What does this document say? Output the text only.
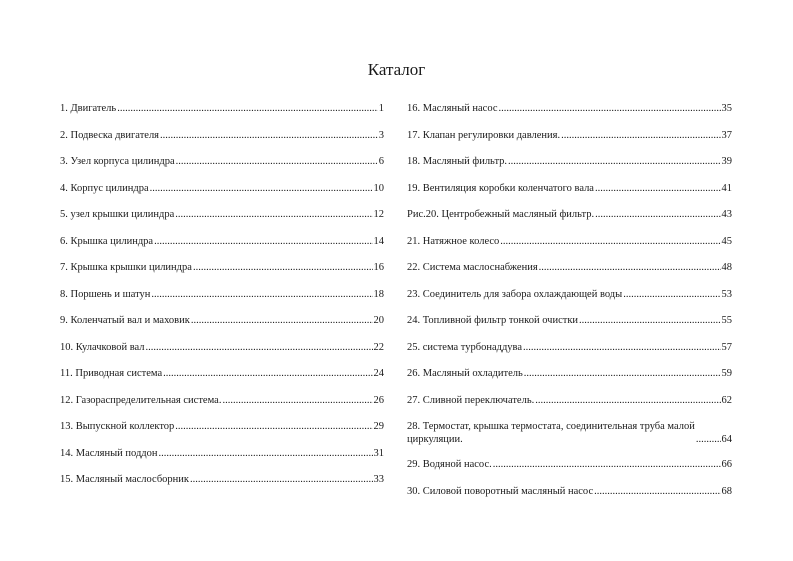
Каталог
1. Двигатель .....	1
2. Подвеска двигателя .....	3
3. Узел корпуса цилиндра .....	6
4. Корпус цилиндра .....	10
5. узел крышки цилиндра .....	12
6. Крышка цилиндра .....	14
7. Крышка крышки цилиндра .....	16
8. Поршень и шатун .....	18
9. Коленчатый вал и маховик .....	20
10. Кулачковой вал .....	22
11. Приводная система .....	24
12. Газораспределительная система. .....	26
13. Выпускной коллектор .....	29
14. Масляный поддон .....	31
15. Масляный маслосборник .....	33
16. Масляный насос .....	35
17. Клапан регулировки давления. .....	37
18. Масляный фильтр. .....	39
19. Вентиляция коробки коленчатого вала .....	41
Рис.20. Центробежный масляный фильтр. .....	43
21. Натяжное колесо .....	45
22. Система маслоснабжения .....	48
23. Соединитель для забора охлаждающей воды .....	53
24. Топливной фильтр тонкой очистки .....	55
25. система турбонаддува .....	57
26. Масляный охладитель .....	59
27. Сливной переключатель. .....	62
28. Термостат, крышка термостата, соединительная труба малой
циркуляции. .....	64
29. Водяной насос. .....	66
30. Силовой поворотный масляный насос .....	68
